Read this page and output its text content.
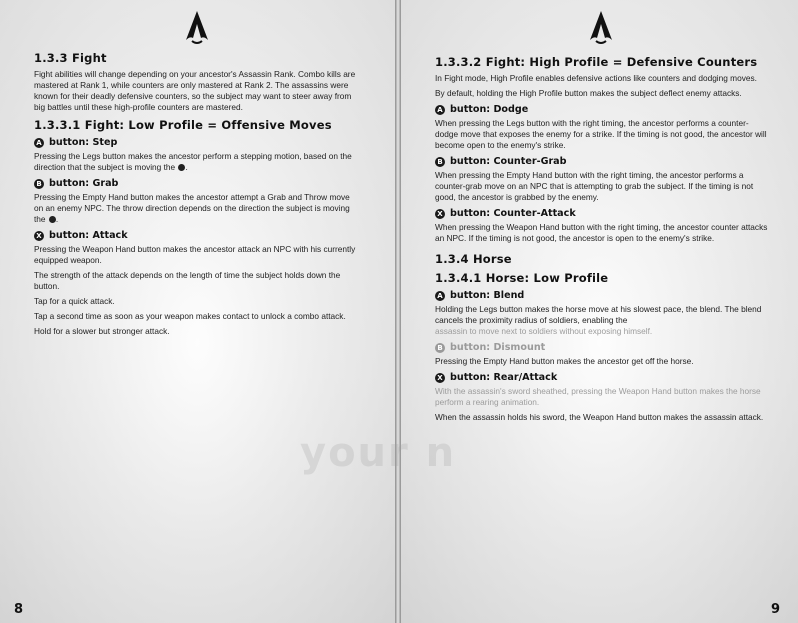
1.3.3 Fight

Fight abilities will change depending on your ancestor's Assassin Rank. Combo kills are mastered at Rank 1, while counters are only mastered at Rank 2. The assassins were known for their deadly defensive counters, so the subject may want to steer away from big battles until these high-profile counters are mastered.

1.3.3.1 Fight: Low Profile = Offensive Moves
A button: Step

Pressing the Legs button makes the ancestor perform a stepping motion, based on the direction that the subject is moving the .

B button: Grab

Pressing the Empty Hand button makes the ancestor attempt a Grab and Throw move on an enemy NPC. The throw direction depends on the direction the subject is moving the .

X button: Attack

Pressing the Weapon Hand button makes the ancestor attack an NPC with his currently equipped weapon.

The strength of the attack depends on the length of time the subject holds down the button.

Tap for a quick attack.

Tap a second time as soon as your weapon makes contact to unlock a combo attack.

Hold for a slower but stronger attack.

8
1.3.3.2 Fight: High Profile = Defensive Counters

In Fight mode, High Profile enables defensive actions like counters and dodging moves.

By default, holding the High Profile button makes the subject deflect enemy attacks.

A button: Dodge

When pressing the Legs button with the right timing, the ancestor performs a counter-dodge move that exposes the enemy for a strike. If the timing is not good, the ancestor will become open to the enemy's strike.

B button: Counter-Grab

When pressing the Empty Hand button with the right timing, the ancestor performs a counter-grab move on an NPC that is attempting to grab the subject. If the timing is not good, the ancestor is grabbed by the enemy.

X button: Counter-Attack

When pressing the Weapon Hand button with the right timing, the ancestor counter attacks an NPC. If the timing is not good, the ancestor is open to the enemy's strike.

1.3.4 Horse
1.3.4.1 Horse: Low Profile
A button: Blend

Holding the Legs button makes the horse move at his slowest pace, the blend. The blend cancels the proximity radius of soldiers, enabling the

assassin to move next to soldiers without exposing himself.

B button: Dismount

Pressing the Empty Hand button makes the ancestor get off the horse.

X button: Rear/Attack

With the assassin's sword sheathed, pressing the Weapon Hand button makes the horse perform a rearing animation.

When the assassin holds his sword, the Weapon Hand button makes the assassin attack.

9
your n
